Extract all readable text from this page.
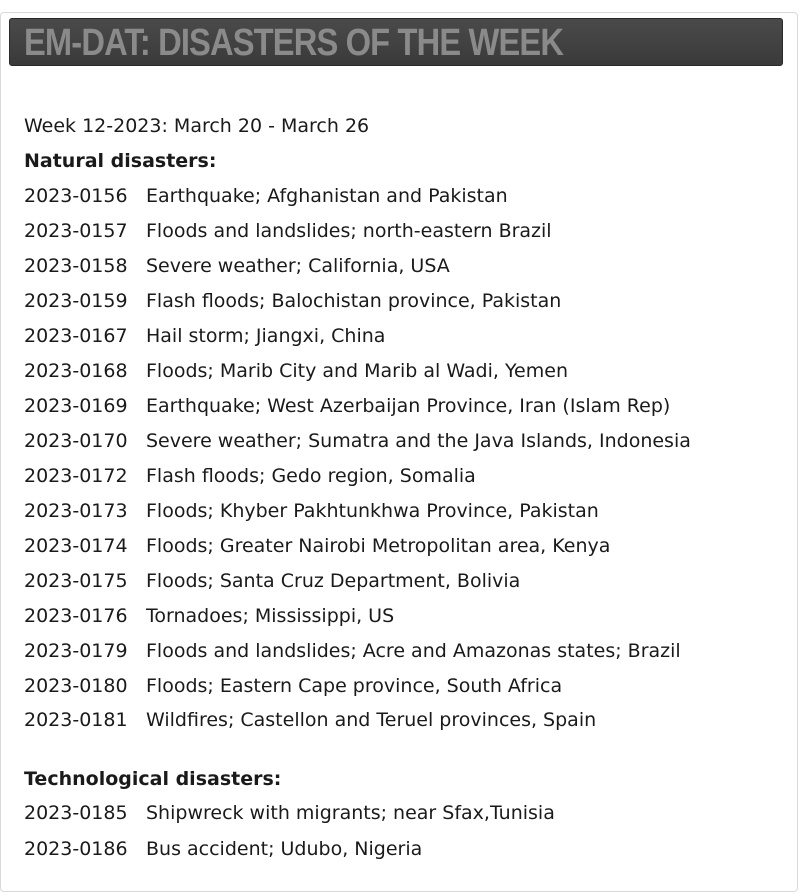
EM-DAT: DISASTERS OF THE WEEK
Week 12-2023: March 20 - March 26
Natural disasters:
2023-0156 Earthquake; Afghanistan and Pakistan
2023-0157 Floods and landslides; north-eastern Brazil
2023-0158 Severe weather; California, USA
2023-0159 Flash floods; Balochistan province, Pakistan
2023-0167 Hail storm; Jiangxi, China
2023-0168 Floods; Marib City and Marib al Wadi, Yemen
2023-0169 Earthquake; West Azerbaijan Province, Iran (Islam Rep)
2023-0170 Severe weather; Sumatra and the Java Islands, Indonesia
2023-0172 Flash floods; Gedo region, Somalia
2023-0173 Floods; Khyber Pakhtunkhwa Province, Pakistan
2023-0174 Floods; Greater Nairobi Metropolitan area, Kenya
2023-0175 Floods; Santa Cruz Department, Bolivia
2023-0176 Tornadoes; Mississippi, US
2023-0179 Floods and landslides; Acre and Amazonas states; Brazil
2023-0180 Floods; Eastern Cape province, South Africa
2023-0181 Wildfires; Castellon and Teruel provinces, Spain
Technological disasters:
2023-0185 Shipwreck with migrants; near Sfax,Tunisia
2023-0186 Bus accident; Udubo, Nigeria
